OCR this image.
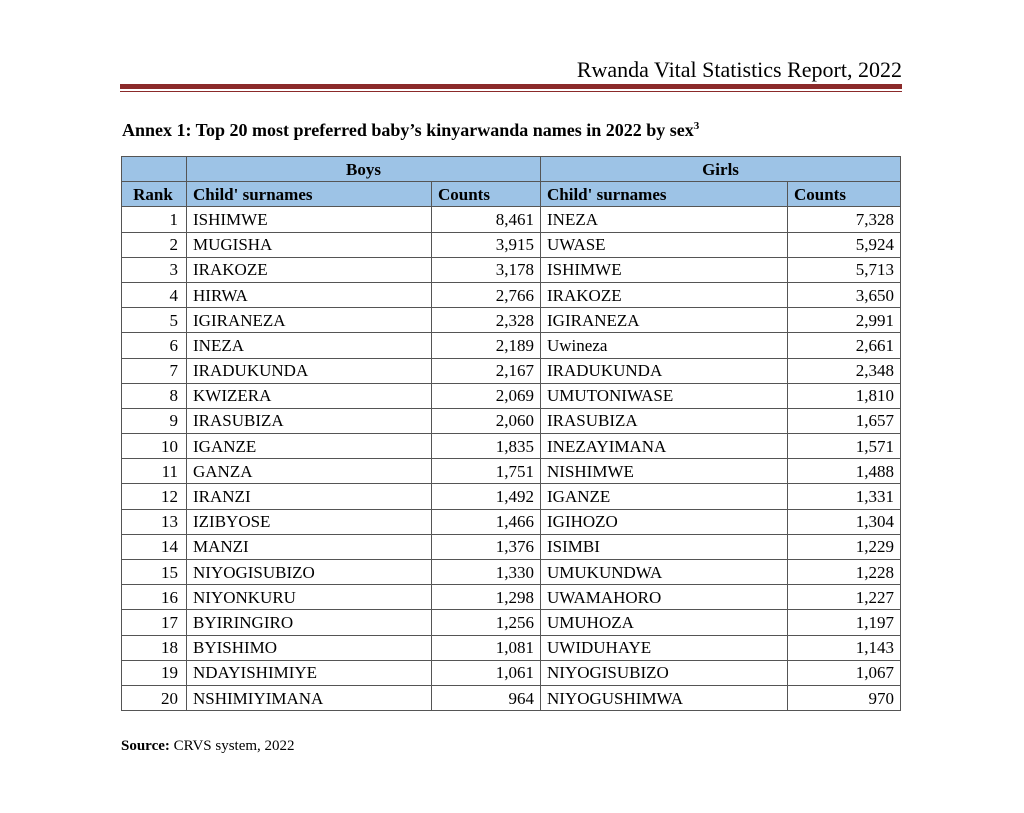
Rwanda Vital Statistics Report, 2022
Annex 1: Top 20 most preferred baby’s kinyarwanda names in 2022 by sex$^3$
	Boys		Girls	
Rank	Child' surnames	Counts	Child' surnames	Counts
1	ISHIMWE	8,461	INEZA	7,328
2	MUGISHA	3,915	UWASE	5,924
3	IRAKOZE	3,178	ISHIMWE	5,713
4	HIRWA	2,766	IRAKOZE	3,650
5	IGIRANEZA	2,328	IGIRANEZA	2,991
6	INEZA	2,189	Uwineza	2,661
7	IRADUKUNDA	2,167	IRADUKUNDA	2,348
8	KWIZERA	2,069	UMUTONIWASE	1,810
9	IRASUBIZA	2,060	IRASUBIZA	1,657
10	IGANZE	1,835	INEZAYIMANA	1,571
11	GANZA	1,751	NISHIMWE	1,488
12	IRANZI	1,492	IGANZE	1,331
13	IZIBYOSE	1,466	IGIHOZO	1,304
14	MANZI	1,376	ISIMBI	1,229
15	NIYOGISUBIZO	1,330	UMUKUNDWA	1,228
16	NIYONKURU	1,298	UWAMAHORO	1,227
17	BYIRINGIRO	1,256	UMUHOZA	1,197
18	BYISHIMO	1,081	UWIDUHAYE	1,143
19	NDAYISHIMIYE	1,061	NIYOGISUBIZO	1,067
20	NSHIMIYIMANA	964	NIYOGUSHIMWA	970
Source: CRVS system, 2022
